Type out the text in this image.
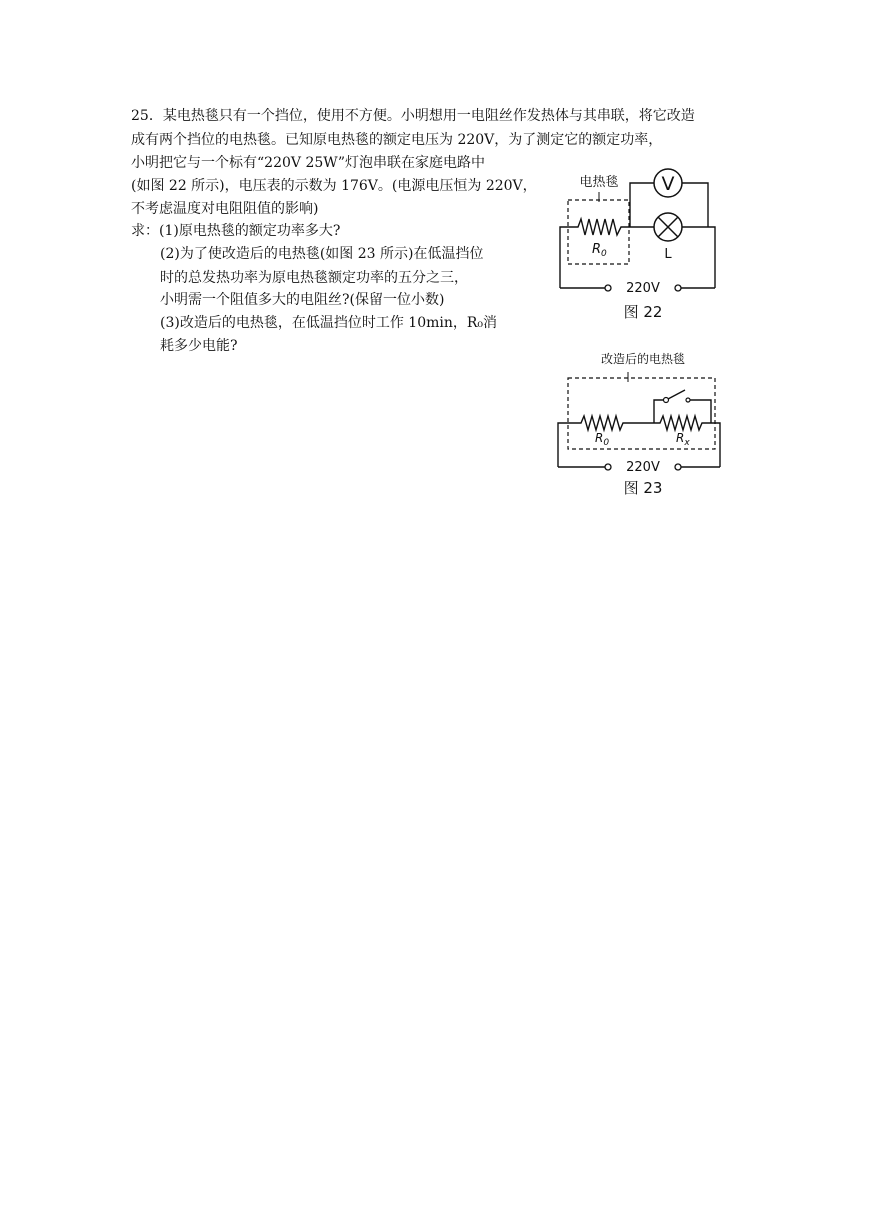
25．某电热毯只有一个挡位，使用不方便。小明想用一电阻丝作发热体与其串联，将它改造
成有两个挡位的电热毯。已知原电热毯的额定电压为 220V，为了测定它的额定功率，
小明把它与一个标有“220V 25W”灯泡串联在家庭电路中
(如图 22 所示)，电压表的示数为 176V。(电源电压恒为 220V，
不考虑温度对电阻阻值的影响)
求：(1)原电热毯的额定功率多大?
(2)为了使改造后的电热毯(如图 23 所示)在低温挡位
时的总发热功率为原电热毯额定功率的五分之三，
小明需一个阻值多大的电阻丝?(保留一位小数)
(3)改造后的电热毯，在低温挡位时工作 10min，R₀消
耗多少电能?
V
电热毯
$R_0$	L
220V
图 22
改造后的电热毯
$R_0$	$R_x$
220V
图 23
